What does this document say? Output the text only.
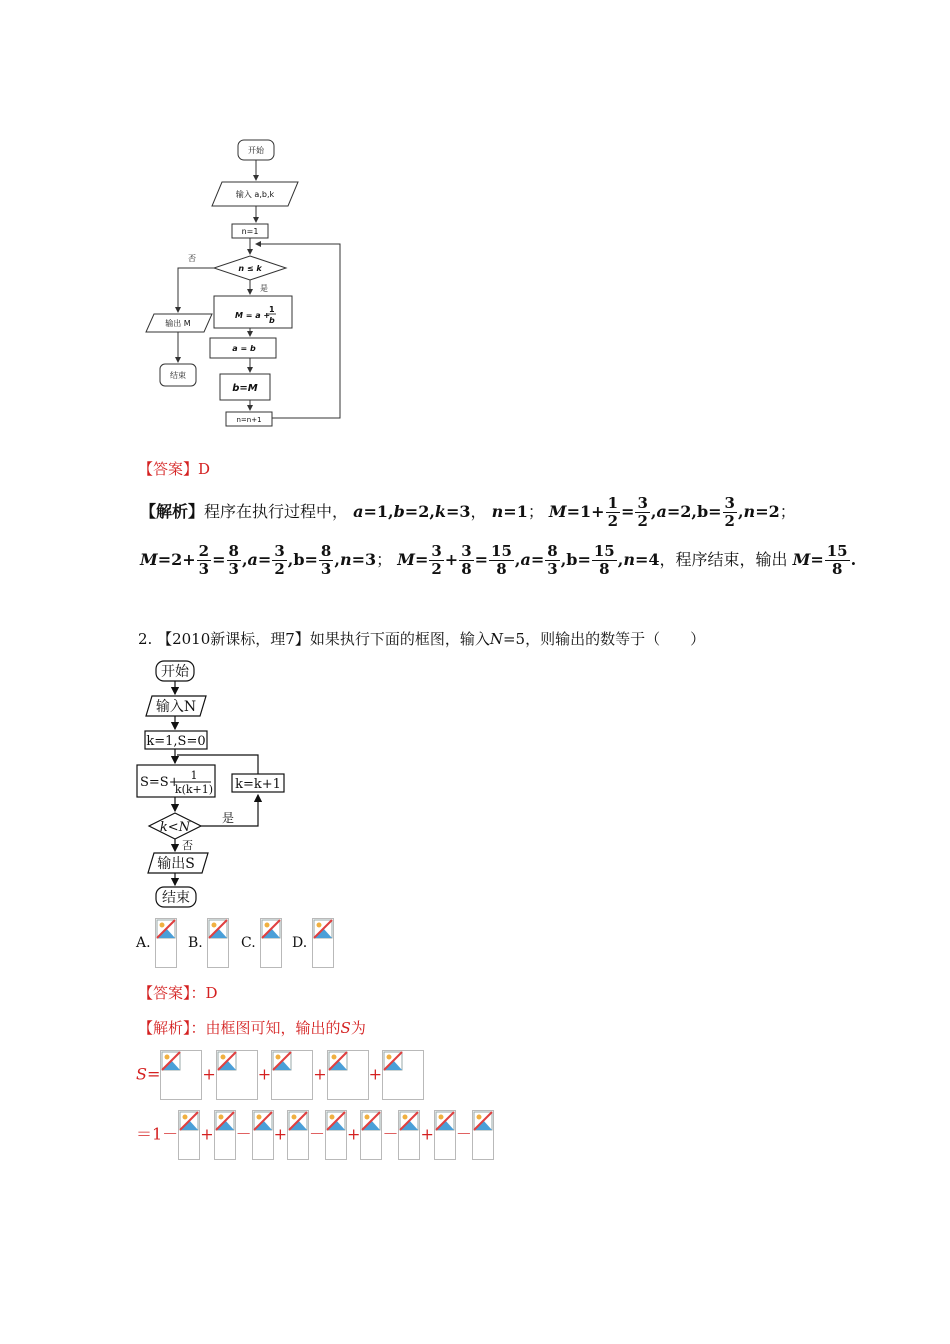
开始
输入 a,b,k
n=1
n ≤ k
否
是
M = a +
1
b
a = b
b=M
n=n+1
输出 M
结束
【答案】D
【解析】程序在执行过程中， a=1,b=2,k=3， n=1； $M=1+ \frac{1}{2} = \frac{3}{2} ,a=2,b= \frac{3}{2} ,n=2$；
$M=2+ \frac{2}{3} = \frac{8}{3} ,a= \frac{3}{2} ,b= \frac{8}{3} ,n=3$； $M= \frac{3}{2} + \frac{3}{8} = \frac{15}{8} ,a= \frac{8}{3} ,b= \frac{15}{8} ,n=4$，程序结束，输出 $M= \frac{15}{8}$ .
2. 【2010新课标，理7】如果执行下面的框图，输入N=5，则输出的数等于（　　）
开始
输入N
k=1,S=0
S=S+ 1
k(k+1) k=k+1
k<N
是
否
输出S
结束
A.	B.	C.	D.
【答案】：D
【解析】：由框图可知，输出的S为
S=	+	+	+	+
＝1－ + － + － + － + －
